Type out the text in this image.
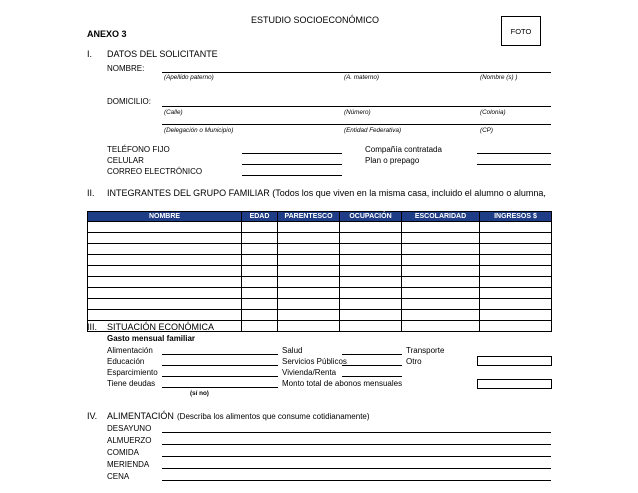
ESTUDIO SOCIOECONÓMICO
ANEXO 3	FOTO
I. DATOS DEL SOLICITANTE
NOMBRE:
(Apellido paterno)	(A. materno)	(Nombre (s) )
DOMICILIO:
(Calle)	(Número)	(Colonia)
(Delegación o Municipio)	(Entidad Federativa)	(CP)
TELÉFONO FIJO
CELULAR
CORREO ELECTRÓNICO
Compañía contratada
Plan o prepago
II. INTEGRANTES DEL GRUPO FAMILIAR (Todos los que viven en la misma casa, incluido el alumno o alumna,
NOMBRE	EDAD	PARENTESCO	OCUPACIÓN	ESCOLARIDAD	INGRESOS $

III. SITUACIÓN ECONÓMICA
Gasto mensual familiar
Alimentación
Educación
Esparcimiento
Tiene deudas
(sí no)
Salud
Servicios Públicos
Vivienda/Renta
Monto total de abonos mensuales
Transporte
Otro
IV. ALIMENTACIÓN (Describa los alimentos que consume cotidianamente)
DESAYUNO
ALMUERZO
COMIDA
MERIENDA
CENA
